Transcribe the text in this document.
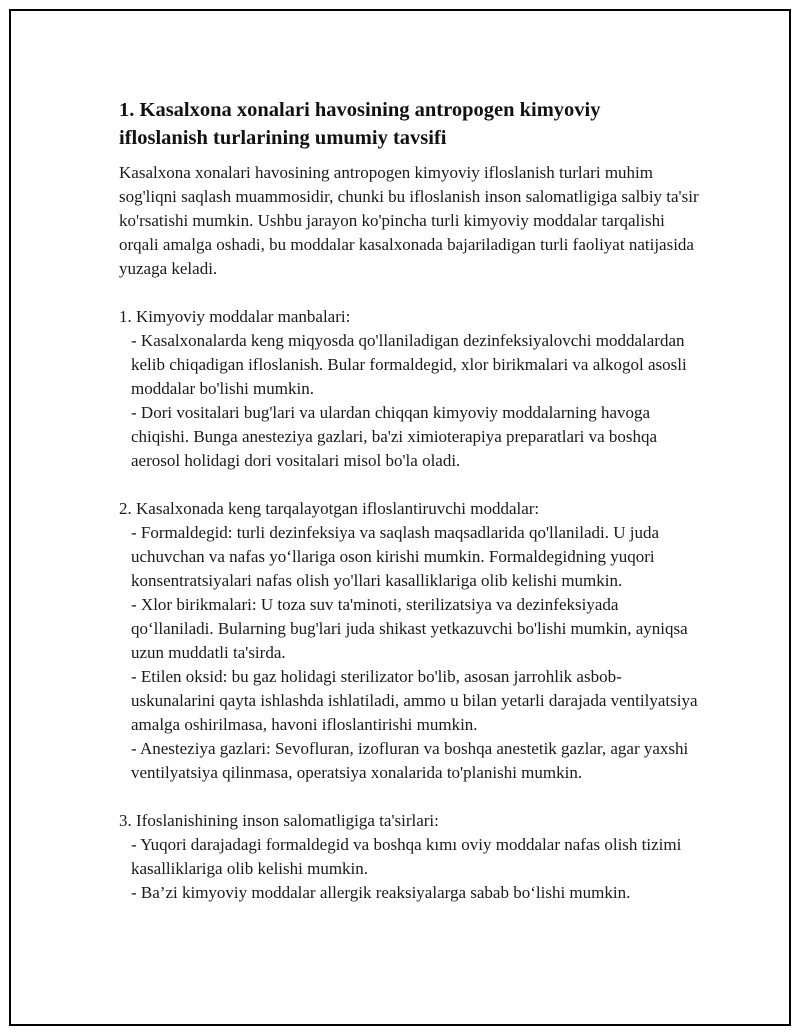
1. Kasalxona xonalari havosining antropogen kimyoviy
ifloslanish turlarining umumiy tavsifi

Kasalxona xonalari havosining antropogen kimyoviy ifloslanish turlari muhim sog'liqni saqlash muammosidir, chunki bu ifloslanish inson salomatligiga salbiy ta'sir ko'rsatishi mumkin. Ushbu jarayon ko'pincha turli kimyoviy moddalar tarqalishi orqali amalga oshadi, bu moddalar kasalxonada bajariladigan turli faoliyat natijasida yuzaga keladi.

1. Kimyoviy moddalar manbalari:

- Kasalxonalarda keng miqyosda qo'llaniladigan dezinfeksiyalovchi moddalardan kelib chiqadigan ifloslanish. Bular formaldegid, xlor birikmalari va alkogol asosli moddalar bo'lishi mumkin.

- Dori vositalari bug'lari va ulardan chiqqan kimyoviy moddalarning havoga chiqishi. Bunga anesteziya gazlari, ba'zi ximioterapiya preparatlari va boshqa aerosol holidagi dori vositalari misol bo'la oladi.

2. Kasalxonada keng tarqalayotgan ifloslantiruvchi moddalar:

- Formaldegid: turli dezinfeksiya va saqlash maqsadlarida qo'llaniladi. U juda uchuvchan va nafas yo‘llariga oson kirishi mumkin. Formaldegidning yuqori konsentratsiyalari nafas olish yo'llari kasalliklariga olib kelishi mumkin.

- Xlor birikmalari: U toza suv ta'minoti, sterilizatsiya va dezinfeksiyada qo‘llaniladi. Bularning bug'lari juda shikast yetkazuvchi bo'lishi mumkin, ayniqsa uzun muddatli ta'sirda.

- Etilen oksid: bu gaz holidagi sterilizator bo'lib, asosan jarrohlik asbob-uskunalarini qayta ishlashda ishlatiladi, ammo u bilan yetarli darajada ventilyatsiya amalga oshirilmasa, havoni ifloslantirishi mumkin.

- Anesteziya gazlari: Sevofluran, izofluran va boshqa anestetik gazlar, agar yaxshi ventilyatsiya qilinmasa, operatsiya xonalarida to'planishi mumkin.

3. Ifoslanishining inson salomatligiga ta'sirlari:

- Yuqori darajadagi formaldegid va boshqa kımı oviy moddalar nafas olish tizimi kasalliklariga olib kelishi mumkin.

- Ba’zi kimyoviy moddalar allergik reaksiyalarga sabab bo‘lishi mumkin.
